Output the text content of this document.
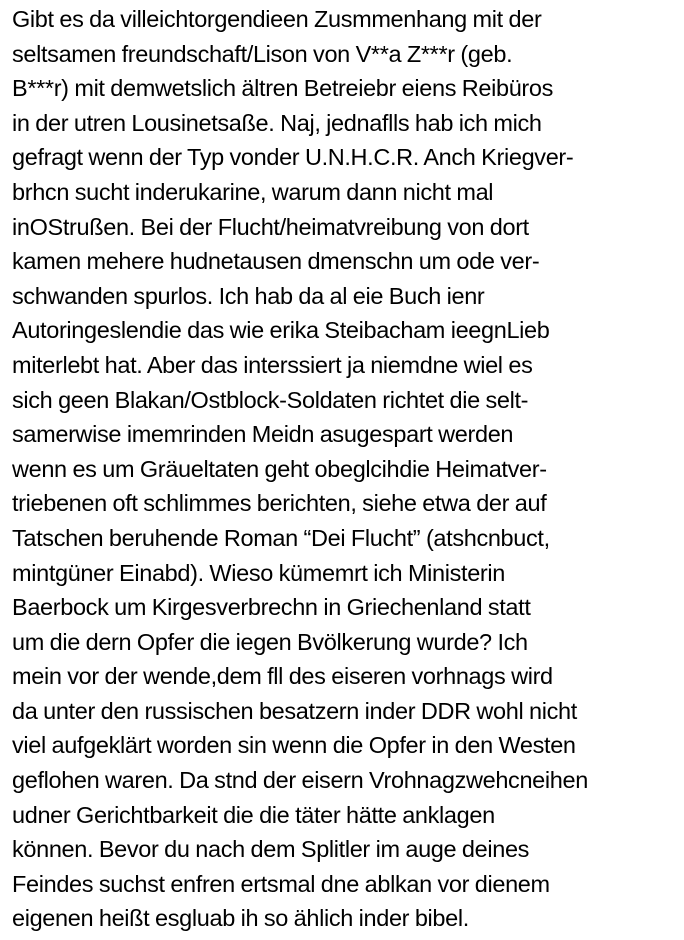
Gibt es da villeichtorgendieen Zusmmenhang mit der
seltsamen freundschaft/Lison von V**a Z***r (geb.
B***r) mit demwetslich ältren Betreiebr eiens Reibüros
in der utren Lousinetsaße. Naj, jednaflls hab ich mich
gefragt wenn der Typ vonder U.N.H.C.R. Anch Kriegver-
brhcn sucht inderukarine, warum dann nicht mal
inOStrußen. Bei der Flucht/heimatvreibung von dort
kamen mehere hudnetausen dmenschn um ode ver-
schwanden spurlos. Ich hab da al eie Buch ienr
Autoringeslendie das wie erika Steibacham ieegnLieb
miterlebt hat. Aber das interssiert ja niemdne wiel es
sich geen Blakan/Ostblock-Soldaten richtet die selt-
samerwise imemrinden Meidn asugespart werden
wenn es um Gräueltaten geht obeglcihdie Heimatver-
triebenen oft schlimmes berichten, siehe etwa der auf
Tatschen beruhende Roman “Dei Flucht” (atshcnbuct,
mintgüner Einabd). Wieso kümemrt ich Ministerin
Baerbock um Kirgesverbrechn in Griechenland statt
um die dern Opfer die iegen Bvölkerung wurde? Ich
mein vor der wende,dem fll des eiseren vorhnags wird
da unter den russischen besatzern inder DDR wohl nicht
viel aufgeklärt worden sin wenn die Opfer in den Westen
geflohen waren. Da stnd der eisern Vrohnagzwehcneihen
udner Gerichtbarkeit die die täter hätte anklagen
können. Bevor du nach dem Splitler im auge deines
Feindes suchst enfren ertsmal dne ablkan vor dienem
eigenen heißt esgluab ih so ählich inder bibel.
